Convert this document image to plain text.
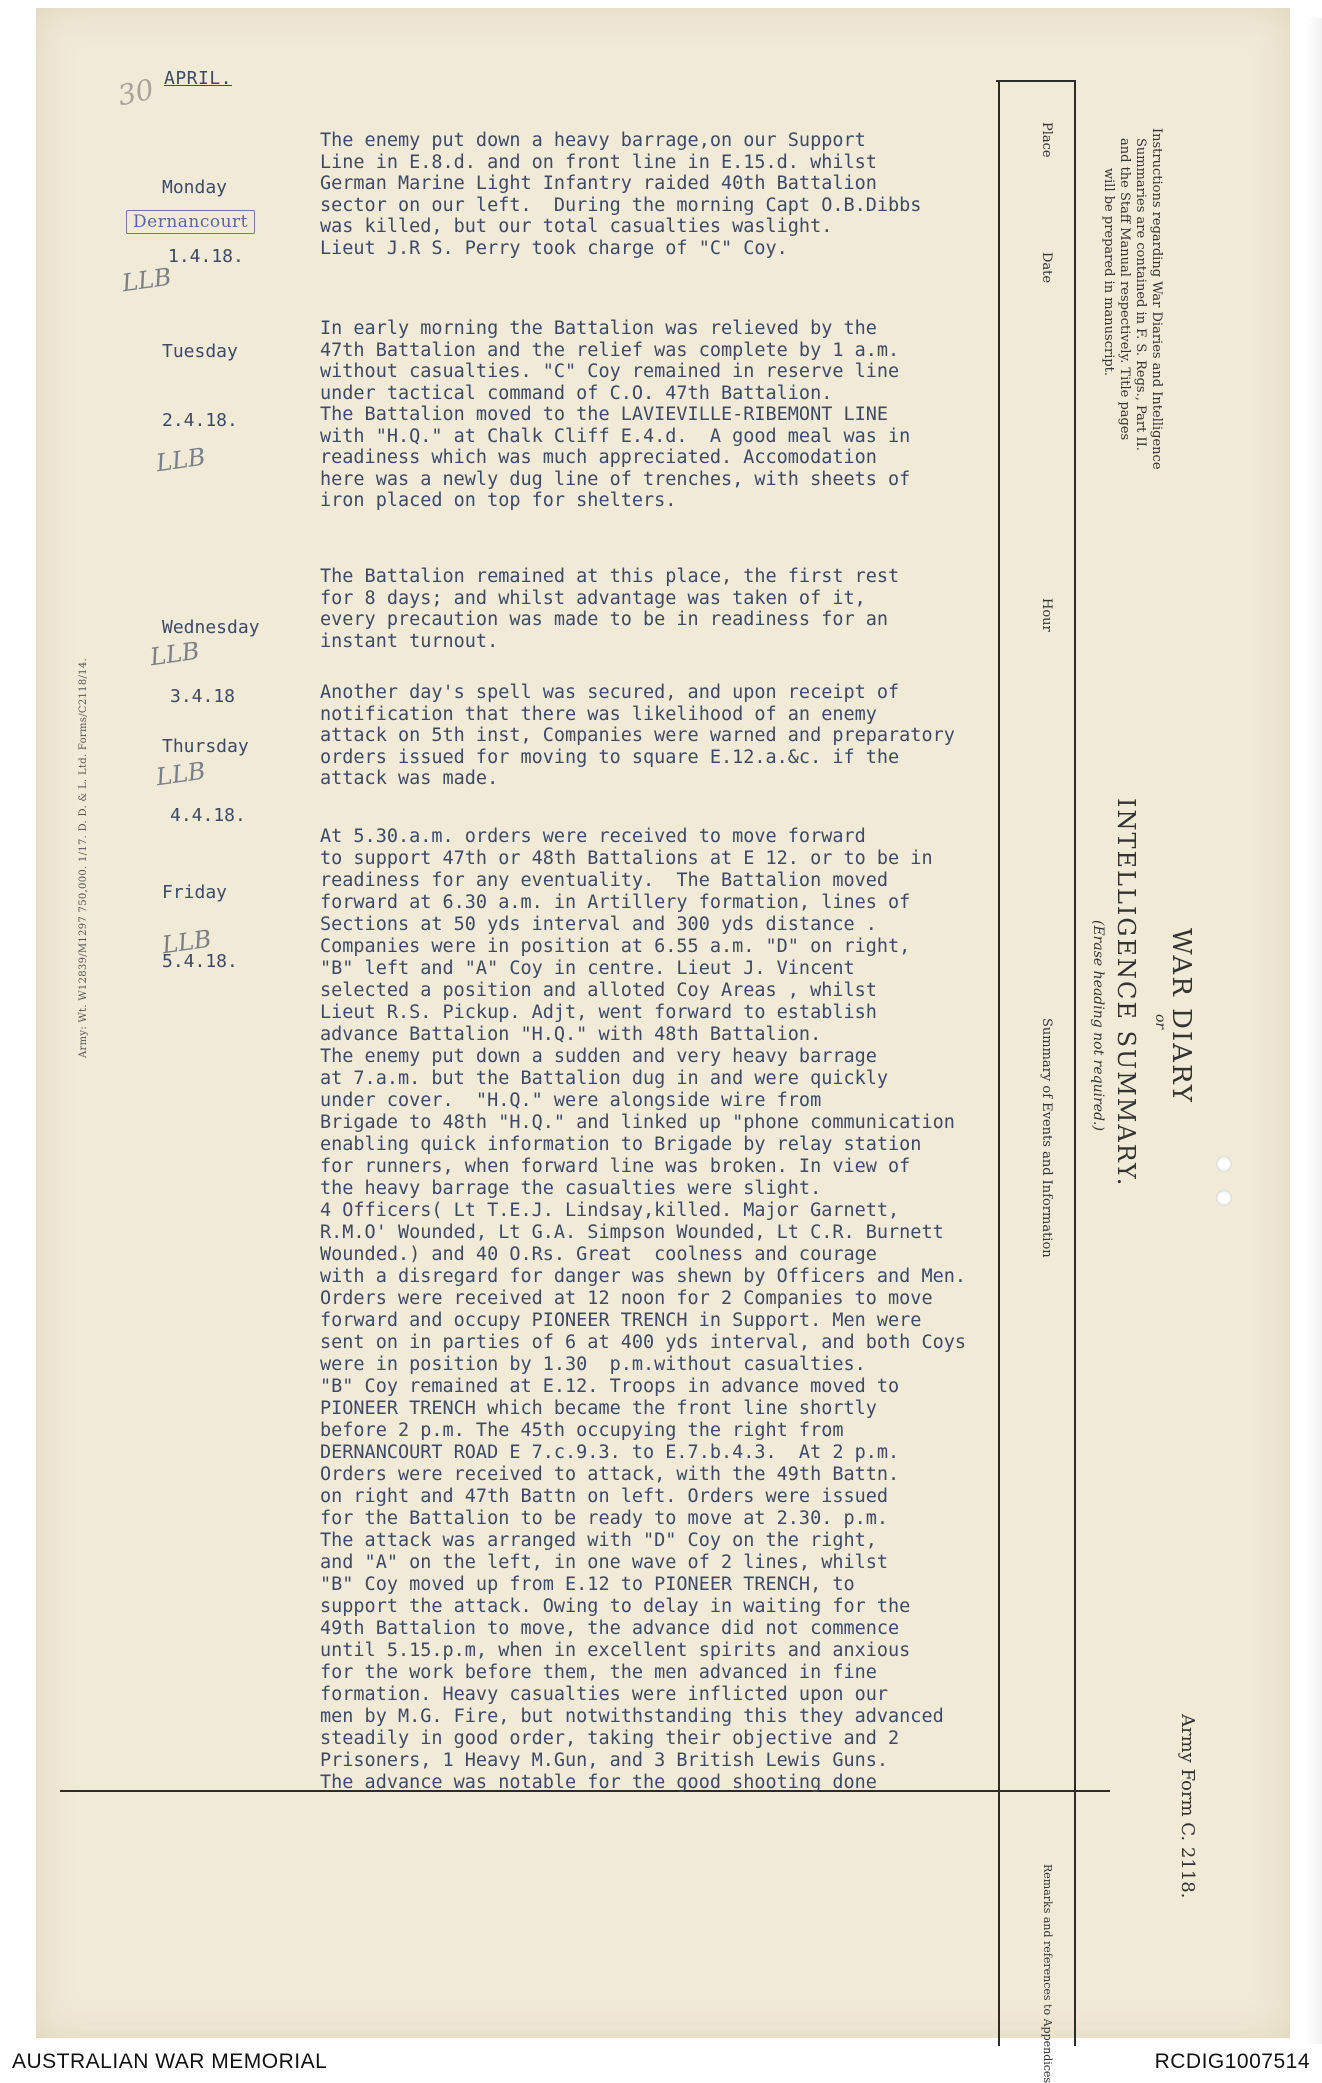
30 APRIL.

Monday

1.4.18.

Tuesday

2.4.18.

Wednesday

3.4.18

Thursday

4.4.18.

Friday

5.4.18.

Dernancourt
LLB
LLB
LLB
LLB
LLB
The enemy put down a heavy barrage,on our Support
Line in E.8.d. and on front line in E.15.d. whilst
German Marine Light Infantry raided 40th Battalion
sector on our left.  During the morning Capt O.B.Dibbs
was killed, but our total casualties waslight.
Lieut J.R S. Perry took charge of "C" Coy.
In early morning the Battalion was relieved by the
47th Battalion and the relief was complete by 1 a.m.
without casualties. "C" Coy remained in reserve line
under tactical command of C.O. 47th Battalion.
The Battalion moved to the LAVIEVILLE-RIBEMONT LINE
with "H.Q." at Chalk Cliff E.4.d.  A good meal was in
readiness which was much appreciated. Accomodation
here was a newly dug line of trenches, with sheets of
iron placed on top for shelters.
The Battalion remained at this place, the first rest
for 8 days; and whilst advantage was taken of it,
every precaution was made to be in readiness for an
instant turnout.
Another day's spell was secured, and upon receipt of
notification that there was likelihood of an enemy
attack on 5th inst, Companies were warned and preparatory
orders issued for moving to square E.12.a.&c. if the
attack was made.
At 5.30.a.m. orders were received to move forward
to support 47th or 48th Battalions at E 12. or to be in
readiness for any eventuality.  The Battalion moved
forward at 6.30 a.m. in Artillery formation, lines of
Sections at 50 yds interval and 300 yds distance .
Companies were in position at 6.55 a.m. "D" on right,
"B" left and "A" Coy in centre. Lieut J. Vincent
selected a position and alloted Coy Areas , whilst
Lieut R.S. Pickup. Adjt, went forward to establish
advance Battalion "H.Q." with 48th Battalion.
The enemy put down a sudden and very heavy barrage
at 7.a.m. but the Battalion dug in and were quickly
under cover.  "H.Q." were alongside wire from
Brigade to 48th "H.Q." and linked up "phone communication
enabling quick information to Brigade by relay station
for runners, when forward line was broken. In view of
the heavy barrage the casualties were slight.
4 Officers( Lt T.E.J. Lindsay,killed. Major Garnett,
R.M.O' Wounded, Lt G.A. Simpson Wounded, Lt C.R. Burnett
Wounded.) and 40 O.Rs. Great  coolness and courage
with a disregard for danger was shewn by Officers and Men.
Orders were received at 12 noon for 2 Companies to move
forward and occupy PIONEER TRENCH in Support. Men were
sent on in parties of 6 at 400 yds interval, and both Coys
were in position by 1.30  p.m.without casualties.
"B" Coy remained at E.12. Troops in advance moved to
PIONEER TRENCH which became the front line shortly
before 2 p.m. The 45th occupying the right from
DERNANCOURT ROAD E 7.c.9.3. to E.7.b.4.3.  At 2 p.m.
Orders were received to attack, with the 49th Battn.
on right and 47th Battn on left. Orders were issued
for the Battalion to be ready to move at 2.30. p.m.
The attack was arranged with "D" Coy on the right,
and "A" on the left, in one wave of 2 lines, whilst
"B" Coy moved up from E.12 to PIONEER TRENCH, to
support the attack. Owing to delay in waiting for the
49th Battalion to move, the advance did not commence
until 5.15.p.m, when in excellent spirits and anxious
for the work before them, the men advanced in fine
formation. Heavy casualties were inflicted upon our
men by M.G. Fire, but notwithstanding this they advanced
steadily in good order, taking their objective and 2
Prisoners, 1 Heavy M.Gun, and 3 British Lewis Guns.
The advance was notable for the good shooting done
WAR DIARY
or
INTELLIGENCE SUMMARY.
(Erase heading not required.)
Instructions regarding War Diaries and Intelligence
Summaries are contained in F. S. Regs., Part II.
and the Staff Manual respectively. Title pages
will be prepared in manuscript.
Place
Date
Hour
Summary of Events and Information
Remarks and references to Appendices
Army Form C. 2118.
Army: Wt. W12839/M1297 750,000. 1/17. D. D. & L. Ltd. Forms/C2118/14.
AUSTRALIAN WAR MEMORIAL	RCDIG1007514
